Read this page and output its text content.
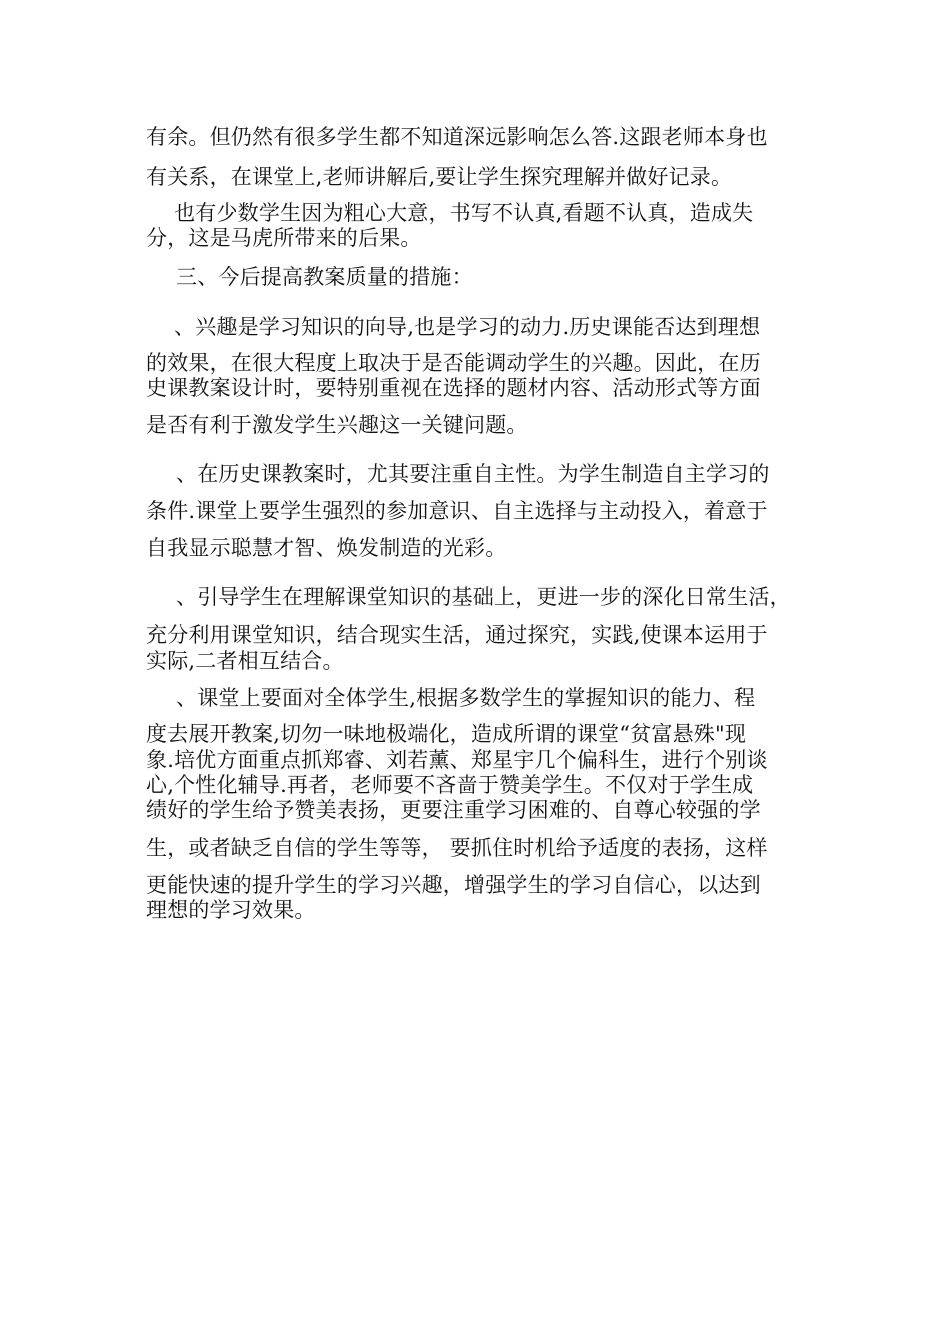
有余。但仍然有很多学生都不知道深远影响怎么答.这跟老师本身也
有关系，在课堂上,老师讲解后,要让学生探究理解并做好记录。
　 也有少数学生因为粗心大意，书写不认真,看题不认真，造成失
分，这是马虎所带来的后果。
三、今后提高教案质量的措施：
、兴趣是学习知识的向导,也是学习的动力.历史课能否达到理想
的效果，在很大程度上取决于是否能调动学生的兴趣。因此，在历
史课教案设计时，要特别重视在选择的题材内容、活动形式等方面
是否有利于激发学生兴趣这一关键问题。
、在历史课教案时，尤其要注重自主性。为学生制造自主学习的
条件.课堂上要学生强烈的参加意识、自主选择与主动投入，着意于
自我显示聪慧才智、焕发制造的光彩。
、引导学生在理解课堂知识的基础上，更进一步的深化日常生活，
充分利用课堂知识，结合现实生活，通过探究，实践,使课本运用于
实际,二者相互结合。
、课堂上要面对全体学生,根据多数学生的掌握知识的能力、程
度去展开教案,切勿一味地极端化，造成所谓的课堂“贫富悬殊"现
象.培优方面重点抓郑睿、刘若薰、郑星宇几个偏科生，进行个别谈
心,个性化辅导.再者，老师要不吝啬于赞美学生。不仅对于学生成
绩好的学生给予赞美表扬，更要注重学习困难的、自尊心较强的学
生，或者缺乏自信的学生等等， 要抓住时机给予适度的表扬，这样
更能快速的提升学生的学习兴趣，增强学生的学习自信心，以达到
理想的学习效果。
